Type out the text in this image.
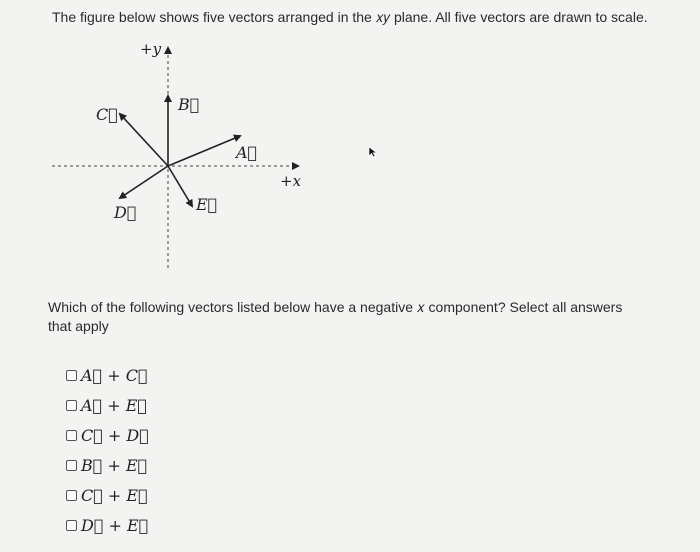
The figure below shows five vectors arranged in the 𝑥𝑦 plane. All five vectors are drawn to scale.
+𝑦
+𝑥
A⃗
B⃗
C⃗
D⃗	E⃗
Which of the following vectors listed below have a negative 𝑥 component? Select all answers that apply
A⃗ + C⃗
A⃗ + E⃗
C⃗ + D⃗
B⃗ + E⃗
C⃗ + E⃗
D⃗ + E⃗
